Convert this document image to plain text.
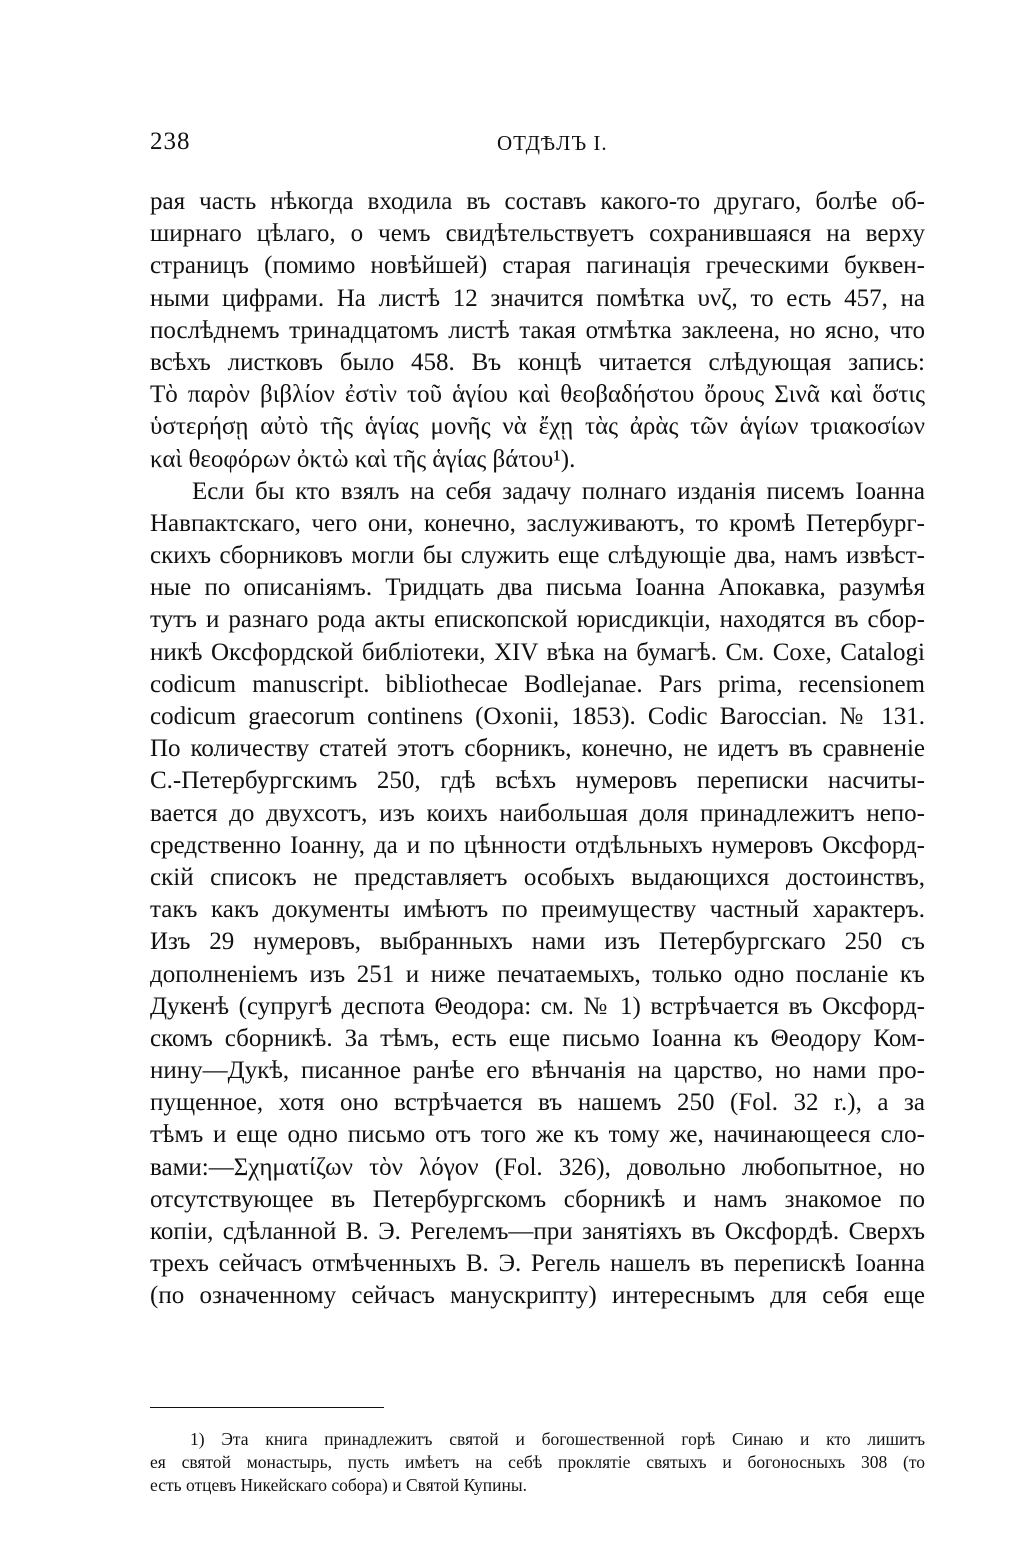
238	ОТДѢЛЪ I.
рая часть нѣкогда входила въ составъ какого-то другаго, болѣе об-
ширнаго цѣлаго, о чемъ свидѣтельствуетъ сохранившаяся на верху
страницъ (помимо новѣйшей) старая пагинація греческими буквен-
ными цифрами. На листѣ 12 значится помѣтка υνζ, то есть 457, на
послѣднемъ тринадцатомъ листѣ такая отмѣтка заклеена, но ясно, что
всѣхъ листковъ было 458. Въ концѣ читается слѣдующая запись:
Τὸ παρὸν βιβλίον ἐστὶν τοῦ ἁγίου καὶ θεοβαδήστου ὄρους Σινᾶ καὶ ὅστις
ὑστερήσῃ αὐτὸ τῆς ἁγίας μονῆς νὰ ἔχῃ τὰς ἀρὰς τῶν ἁγίων τριακοσίων
καὶ θεοφόρων ὀκτὼ καὶ τῆς ἁγίας βάτου¹).
Если бы кто взялъ на себя задачу полнаго изданія писемъ Іоанна
Навпактскаго, чего они, конечно, заслуживаютъ, то кромѣ Петербург-
скихъ сборниковъ могли бы служить еще слѣдующіе два, намъ извѣст-
ные по описаніямъ. Тридцать два письма Іоанна Апокавка, разумѣя
тутъ и разнаго рода акты епископской юрисдикціи, находятся въ сбор-
никѣ Оксфордской библіотеки, XIV вѣка на бумагѣ. См. Coxe, Catalogi
codicum manuscript. bibliothecae Bodlejanae. Pars prima, recensionem
codicum graecorum continens (Oxonii, 1853). Codic Baroccian. № 131.
По количеству статей этотъ сборникъ, конечно, не идетъ въ сравненіе
С.-Петербургскимъ 250, гдѣ всѣхъ нумеровъ переписки насчиты-
вается до двухсотъ, изъ коихъ наибольшая доля принадлежитъ непо-
средственно Іоанну, да и по цѣнности отдѣльныхъ нумеровъ Оксфорд-
скій списокъ не представляетъ особыхъ выдающихся достоинствъ,
такъ какъ документы имѣютъ по преимуществу частный характеръ.
Изъ 29 нумеровъ, выбранныхъ нами изъ Петербургскаго 250 съ
дополненіемъ изъ 251 и ниже печатаемыхъ, только одно посланіе къ
Дукенѣ (супругѣ деспота Θеодора: см. № 1) встрѣчается въ Оксфорд-
скомъ сборникѣ. За тѣмъ, есть еще письмо Іоанна къ Θеодору Ком-
нину—Дукѣ, писанное ранѣе его вѣнчанія на царство, но нами про-
пущенное, хотя оно встрѣчается въ нашемъ 250 (Fol. 32 r.), а за
тѣмъ и еще одно письмо отъ того же къ тому же, начинающееся сло-
вами:—Σχηματίζων τὸν λόγον (Fol. 326), довольно любопытное, но
отсутствующее въ Петербургскомъ сборникѣ и намъ знакомое по
копіи, сдѣланной В. Э. Регелемъ—при занятіяхъ въ Оксфордѣ. Сверхъ
трехъ сейчасъ отмѣченныхъ В. Э. Регель нашелъ въ перепискѣ Іоанна
(по означенному сейчасъ манускрипту) интереснымъ для себя еще
1) Эта книга принадлежитъ святой и богошественной горѣ Синаю и кто лишитъ
ея святой монастырь, пусть имѣетъ на себѣ проклятіе святыхъ и богоносныхъ 308 (то
есть отцевъ Никейскаго собора) и Святой Купины.
